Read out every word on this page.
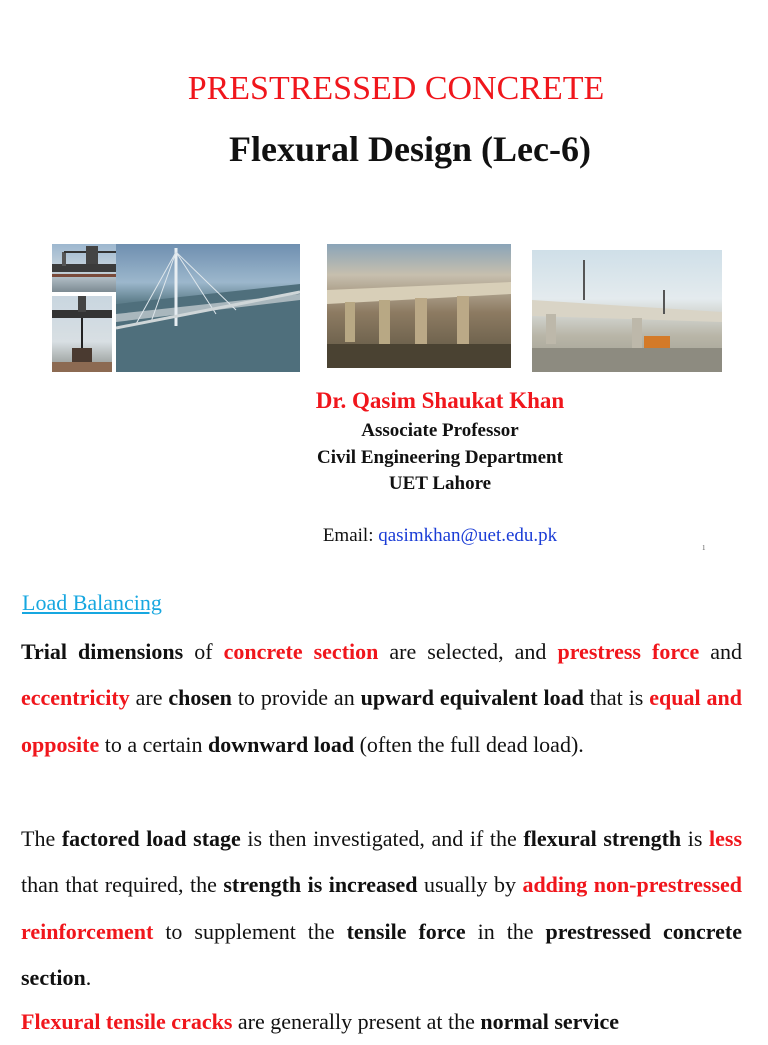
PRESTRESSED CONCRETE
Flexural Design (Lec-6)
Dr. Qasim Shaukat Khan
Associate Professor
Civil Engineering Department
UET Lahore
Email: qasimkhan@uet.edu.pk
1
Load Balancing
Trial dimensions of concrete section are selected, and prestress force and eccentricity are chosen to provide an upward equivalent load that is equal and opposite to a certain downward load (often the full dead load).
The factored load stage is then investigated, and if the flexural strength is less than that required, the strength is increased usually by adding non-prestressed reinforcement to supplement the tensile force in the prestressed concrete section.
Flexural tensile cracks are generally present at the normal service
